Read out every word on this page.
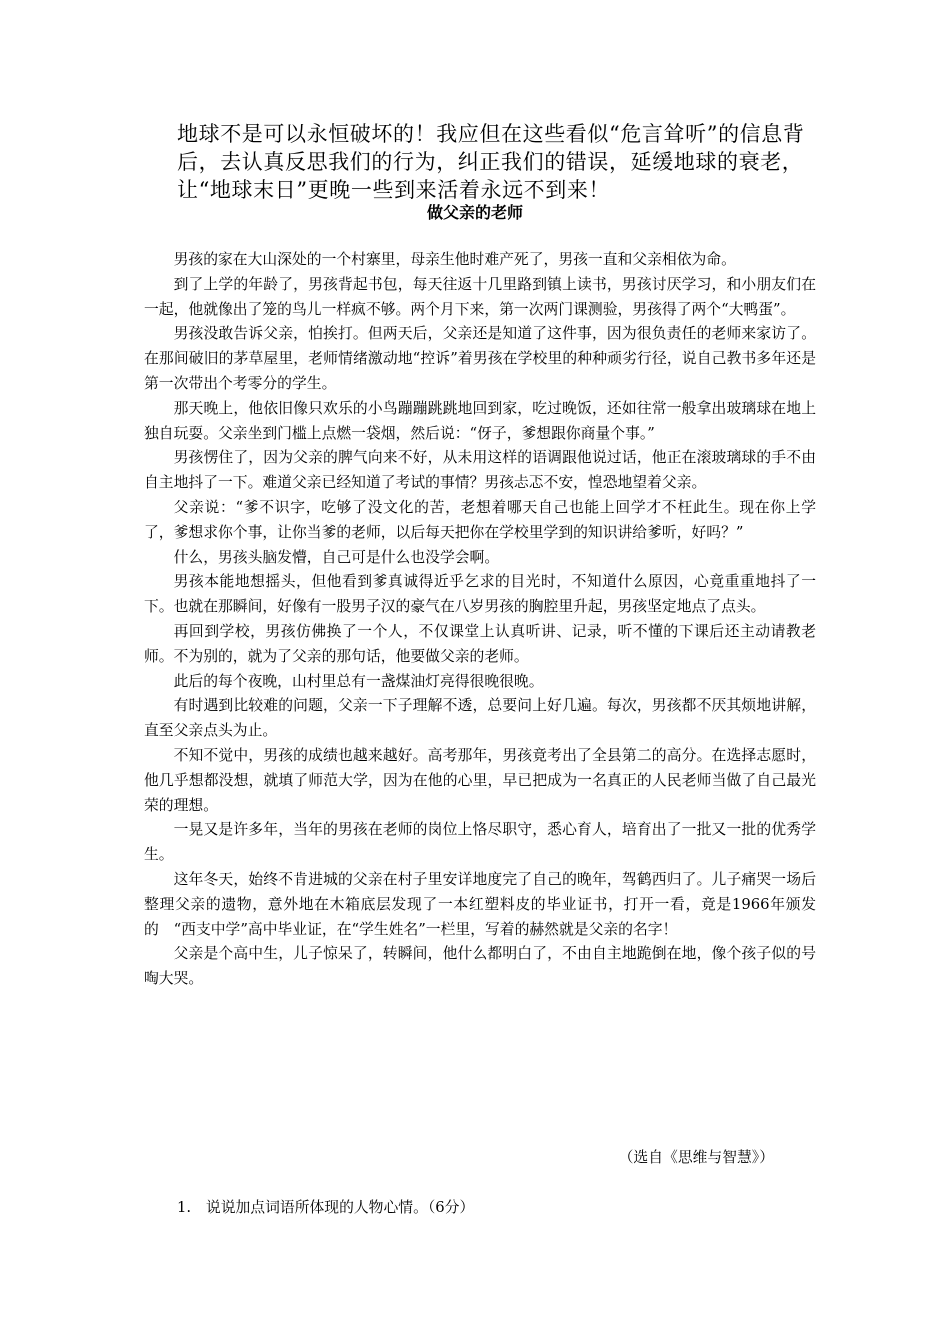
地球不是可以永恒破坏的！我应但在这些看似“危言耸听”的信息背后，去认真反思我们的行为，纠正我们的错误，延缓地球的衰老，让“地球末日”更晚一些到来活着永远不到来！

做父亲的老师

男孩的家在大山深处的一个村寨里，母亲生他时难产死了，男孩一直和父亲相依为命。

到了上学的年龄了，男孩背起书包，每天往返十几里路到镇上读书，男孩讨厌学习，和小朋友们在一起，他就像出了笼的鸟儿一样疯不够。两个月下来，第一次两门课测验，男孩得了两个“大鸭蛋”。

男孩没敢告诉父亲，怕挨打。但两天后，父亲还是知道了这件事，因为很负责任的老师来家访了。在那间破旧的茅草屋里，老师情绪激动地“控诉”着男孩在学校里的种种顽劣行径，说自己教书多年还是第一次带出个考零分的学生。

那天晚上，他依旧像只欢乐的小鸟蹦蹦跳跳地回到家，吃过晚饭，还如往常一般拿出玻璃球在地上独自玩耍。父亲坐到门槛上点燃一袋烟，然后说：“伢子，爹想跟你商量个事。”

男孩愣住了，因为父亲的脾气向来不好，从未用这样的语调跟他说过话，他正在滚玻璃球的手不由自主地抖了一下。难道父亲已经知道了考试的事情？男孩忐忑不安，惶恐地望着父亲。

父亲说：“爹不识字，吃够了没文化的苦，老想着哪天自己也能上回学才不枉此生。现在你上学了，爹想求你个事，让你当爹的老师，以后每天把你在学校里学到的知识讲给爹听，好吗？”

什么，男孩头脑发懵，自己可是什么也没学会啊。

男孩本能地想摇头，但他看到爹真诚得近乎乞求的目光时，不知道什么原因，心竟重重地抖了一下。也就在那瞬间，好像有一股男子汉的豪气在八岁男孩的胸腔里升起，男孩坚定地点了点头。

再回到学校，男孩仿佛换了一个人，不仅课堂上认真听讲、记录，听不懂的下课后还主动请教老师。不为别的，就为了父亲的那句话，他要做父亲的老师。

此后的每个夜晚，山村里总有一盏煤油灯亮得很晚很晚。

有时遇到比较难的问题，父亲一下子理解不透，总要问上好几遍。每次，男孩都不厌其烦地讲解，直至父亲点头为止。

不知不觉中，男孩的成绩也越来越好。高考那年，男孩竟考出了全县第二的高分。在选择志愿时，他几乎想都没想，就填了师范大学，因为在他的心里，早已把成为一名真正的人民老师当做了自己最光荣的理想。

一晃又是许多年，当年的男孩在老师的岗位上恪尽职守，悉心育人，培育出了一批又一批的优秀学生。

这年冬天，始终不肯进城的父亲在村子里安详地度完了自己的晚年，驾鹤西归了。儿子痛哭一场后整理父亲的遗物，意外地在木箱底层发现了一本红塑料皮的毕业证书，打开一看，竟是1966年颁发的　“西支中学”高中毕业证，在“学生姓名”一栏里，写着的赫然就是父亲的名字！

父亲是个高中生，儿子惊呆了，转瞬间，他什么都明白了，不由自主地跪倒在地，像个孩子似的号啕大哭。

（选自《思维与智慧》）

1.　说说加点词语所体现的人物心情。（6分）
